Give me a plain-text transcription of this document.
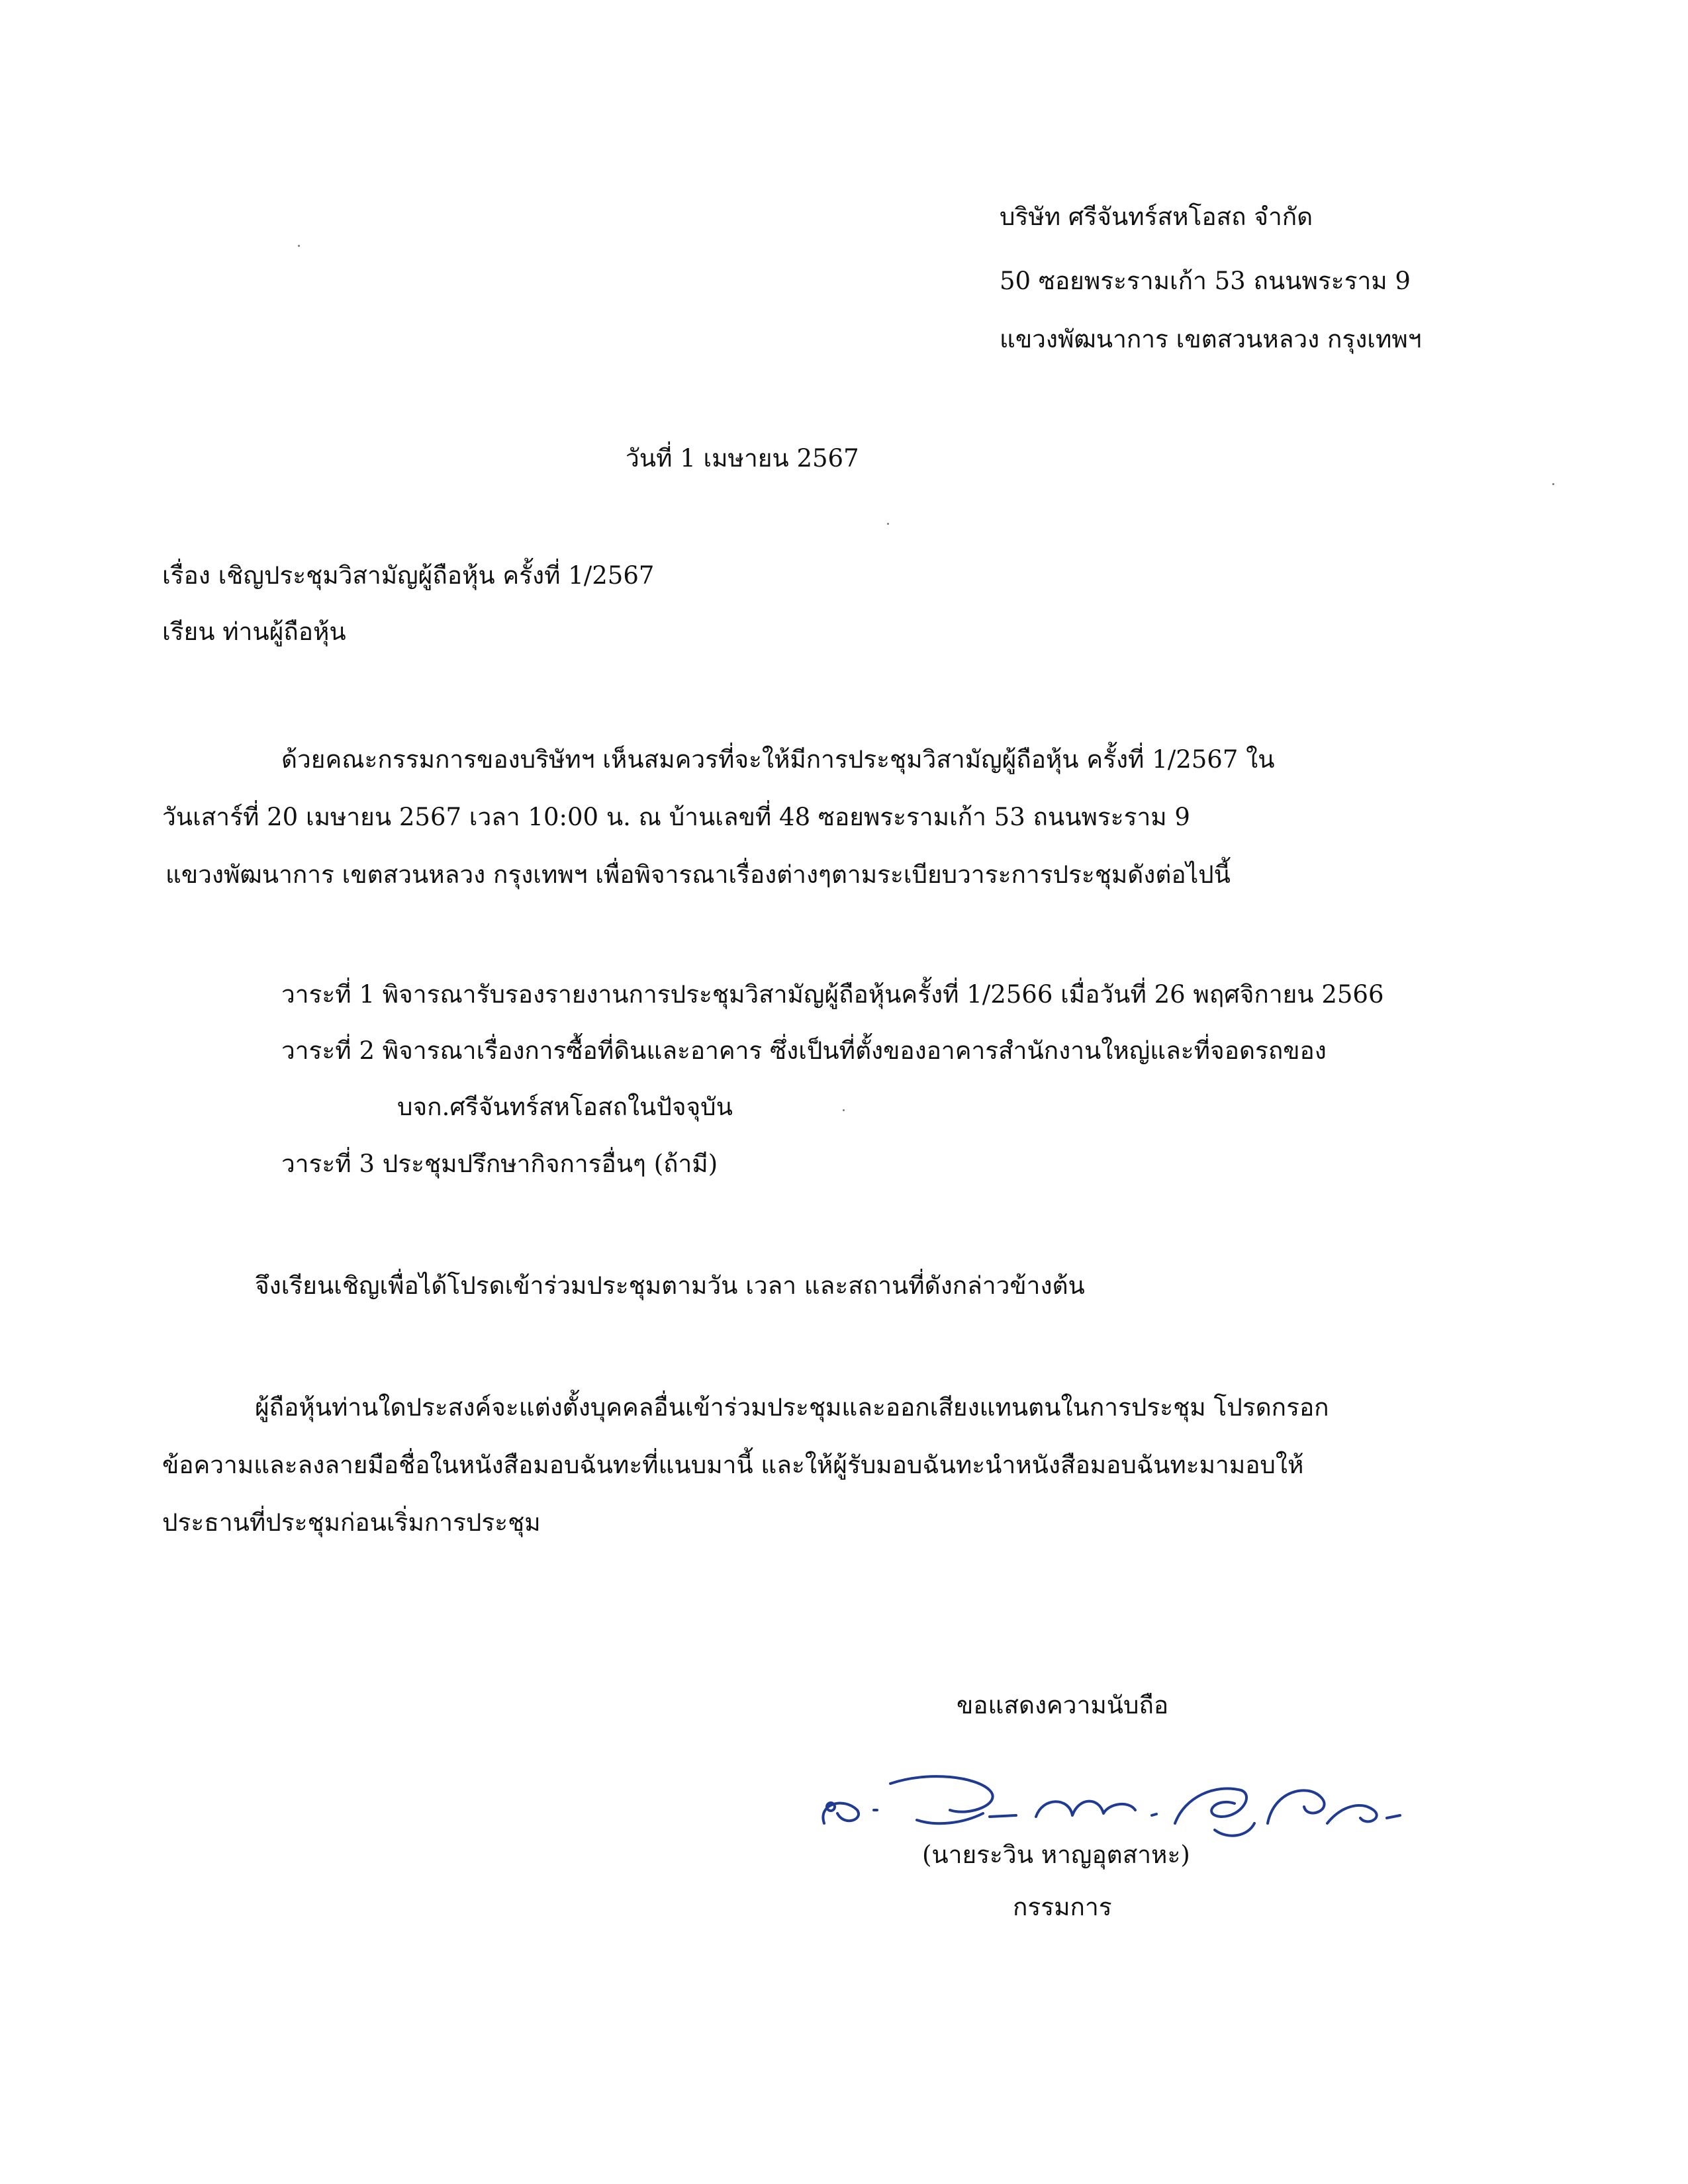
บริษัท ศรีจันทร์สหโอสถ จำกัด
50 ซอยพระรามเก้า 53 ถนนพระราม 9
แขวงพัฒนาการ เขตสวนหลวง กรุงเทพฯ
วันที่ 1 เมษายน 2567
เรื่อง เชิญประชุมวิสามัญผู้ถือหุ้น ครั้งที่ 1/2567
เรียน ท่านผู้ถือหุ้น
ด้วยคณะกรรมการของบริษัทฯ เห็นสมควรที่จะให้มีการประชุมวิสามัญผู้ถือหุ้น ครั้งที่ 1/2567 ใน
วันเสาร์ที่ 20 เมษายน 2567 เวลา 10:00 น. ณ บ้านเลขที่ 48 ซอยพระรามเก้า 53 ถนนพระราม 9
แขวงพัฒนาการ เขตสวนหลวง กรุงเทพฯ เพื่อพิจารณาเรื่องต่างๆตามระเบียบวาระการประชุมดังต่อไปนี้
วาระที่ 1 พิจารณารับรองรายงานการประชุมวิสามัญผู้ถือหุ้นครั้งที่ 1/2566 เมื่อวันที่ 26 พฤศจิกายน 2566
วาระที่ 2 พิจารณาเรื่องการซื้อที่ดินและอาคาร ซึ่งเป็นที่ตั้งของอาคารสำนักงานใหญ่และที่จอดรถของ
บจก.ศรีจันทร์สหโอสถในปัจจุบัน
วาระที่ 3 ประชุมปรึกษากิจการอื่นๆ (ถ้ามี)
จึงเรียนเชิญเพื่อได้โปรดเข้าร่วมประชุมตามวัน เวลา และสถานที่ดังกล่าวข้างต้น
ผู้ถือหุ้นท่านใดประสงค์จะแต่งตั้งบุคคลอื่นเข้าร่วมประชุมและออกเสียงแทนตนในการประชุม โปรดกรอก
ข้อความและลงลายมือชื่อในหนังสือมอบฉันทะที่แนบมานี้ และให้ผู้รับมอบฉันทะนำหนังสือมอบฉันทะมามอบให้
ประธานที่ประชุมก่อนเริ่มการประชุม
ขอแสดงความนับถือ
(นายระวิน หาญอุตสาหะ)
กรรมการ
